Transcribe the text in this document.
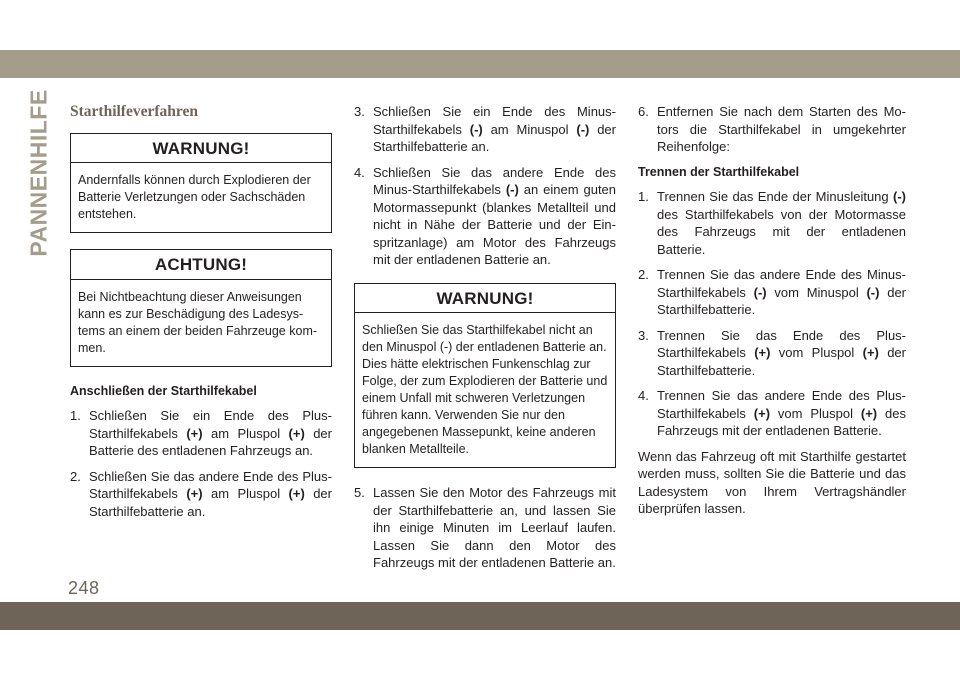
PANNENHILFE Starthilfeverfahren
WARNUNG!
Andernfalls können durch Explodieren der Batterie Verletzungen oder Sachschäden entstehen.
ACHTUNG!
Bei Nichtbeachtung dieser Anweisungen kann es zur Beschädigung des Ladesystems an einem der beiden Fahrzeuge kommen.
Anschließen der Starthilfekabel
1. Schließen Sie ein Ende des Plus-Starthilfekabels (+) am Pluspol (+) der Batterie des entladenen Fahrzeugs an.
2. Schließen Sie das andere Ende des Plus-Starthilfekabels (+) am Pluspol (+) der Starthilfebatterie an.
3. Schließen Sie ein Ende des Minus-Starthilfekabels (-) am Minuspol (-) der Starthilfebatterie an.
4. Schließen Sie das andere Ende des Minus-Starthilfekabels (-) an einem guten Motormassepunkt (blankes Metallteil und nicht in Nähe der Batterie und der Einspritzanlage) am Motor des Fahrzeugs mit der entladenen Batterie an.
WARNUNG!
Schließen Sie das Starthilfekabel nicht an den Minuspol (-) der entladenen Batterie an. Dies hätte elektrischen Funkenschlag zur Folge, der zum Explodieren der Batterie und einem Unfall mit schweren Verletzungen führen kann. Verwenden Sie nur den angegebenen Massepunkt, keine anderen blanken Metallteile.
5. Lassen Sie den Motor des Fahrzeugs mit der Starthilfebatterie an, und lassen Sie ihn einige Minuten im Leerlauf laufen. Lassen Sie dann den Motor des Fahrzeugs mit der entladenen Batterie an.
6. Entfernen Sie nach dem Starten des Motors die Starthilfekabel in umgekehrter Reihenfolge:
Trennen der Starthilfekabel
1. Trennen Sie das Ende der Minusleitung (-) des Starthilfekabels von der Motormasse des Fahrzeugs mit der entladenen Batterie.
2. Trennen Sie das andere Ende des Minus-Starthilfekabels (-) vom Minuspol (-) der Starthilfebatterie.
3. Trennen Sie das Ende des Plus-Starthilfekabels (+) vom Pluspol (+) der Starthilfebatterie.
4. Trennen Sie das andere Ende des Plus-Starthilfekabels (+) vom Pluspol (+) des Fahrzeugs mit der entladenen Batterie.

Wenn das Fahrzeug oft mit Starthilfe gestartet werden muss, sollten Sie die Batterie und das Ladesystem von Ihrem Vertragshändler überprüfen lassen.

248
